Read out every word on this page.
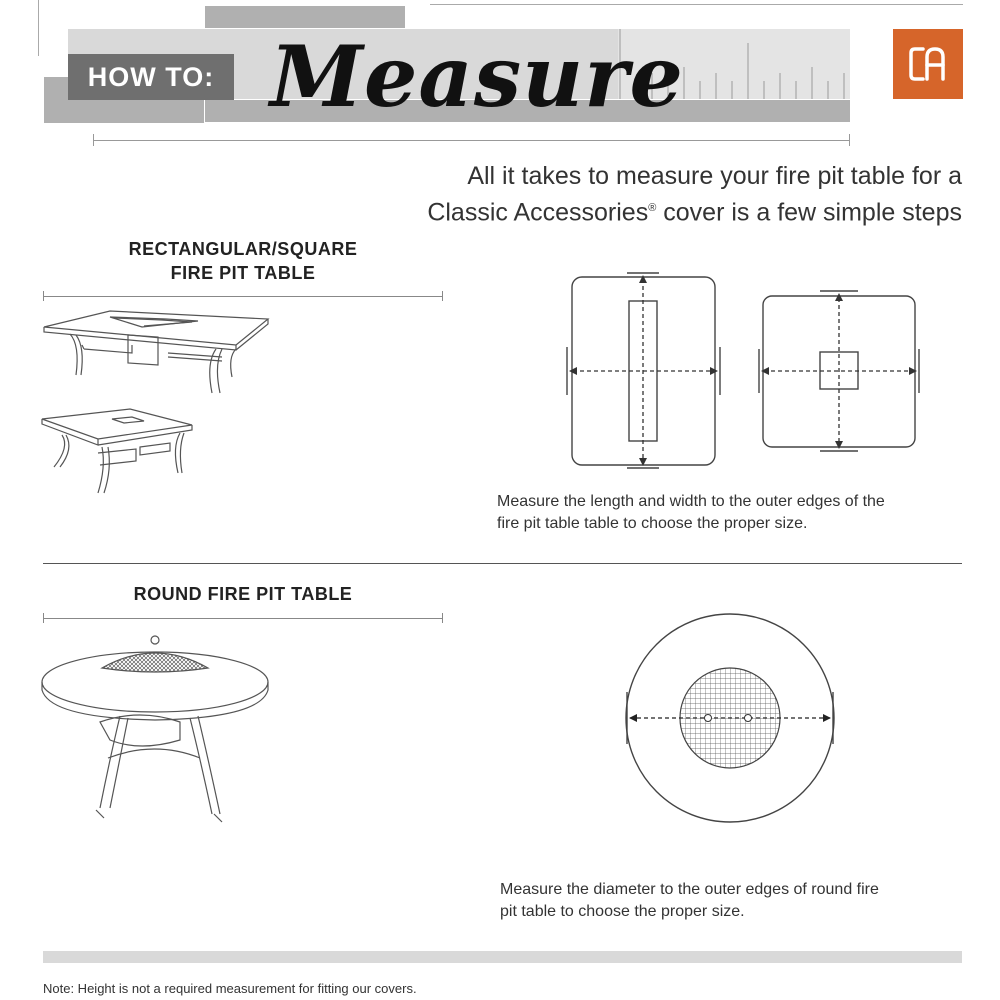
HOW TO: Measure
All it takes to measure your fire pit table for a
Classic Accessories® cover is a few simple steps
RECTANGULAR/SQUARE
FIRE PIT TABLE
Measure the length and width to the outer edges of the
fire pit table table to choose the proper size.
ROUND FIRE PIT TABLE
Measure the diameter to the outer edges of round fire
pit table to choose the proper size.
Note: Height is not a required measurement for fitting our covers.
